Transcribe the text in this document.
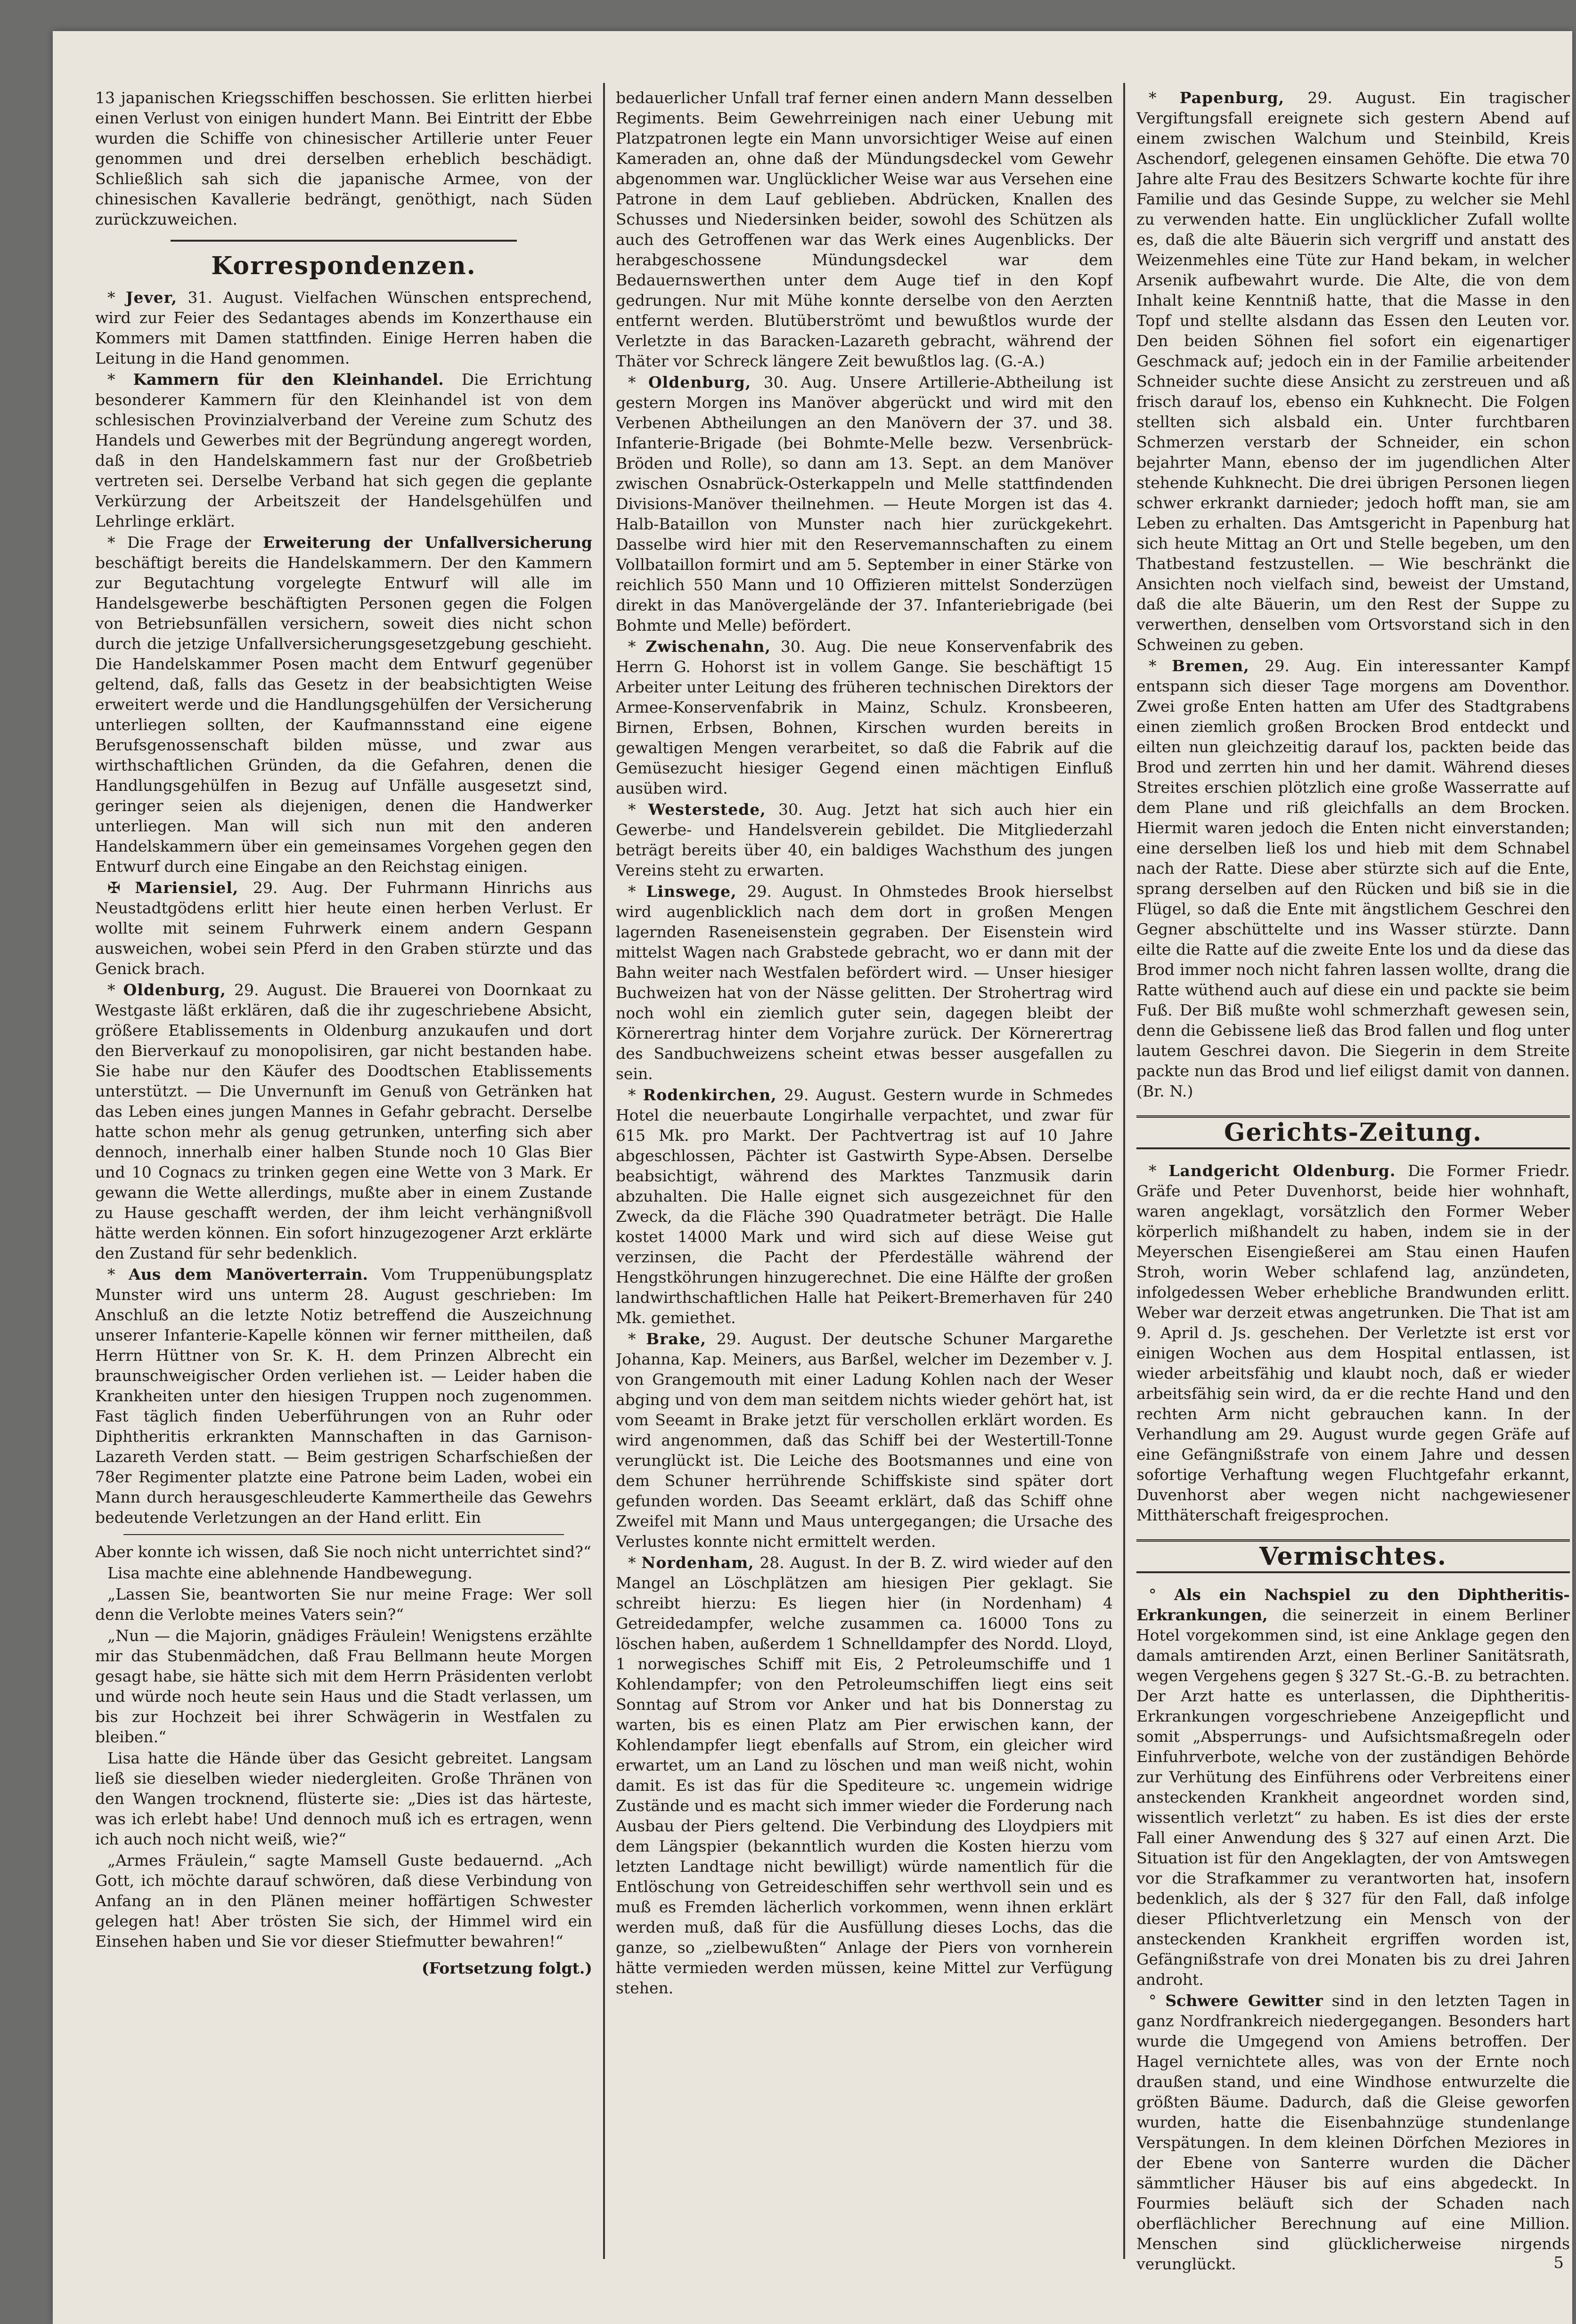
13 japanischen Kriegsschiffen beschossen. Sie erlitten hierbei einen Verlust von einigen hundert Mann. Bei Eintritt der Ebbe wurden die Schiffe von chinesischer Artillerie unter Feuer genommen und drei derselben erheblich beschädigt. Schließlich sah sich die japanische Armee, von der chinesischen Kavallerie bedrängt, genöthigt, nach Süden zurückzuweichen.

Korrespondenzen.

* Jever, 31. August. Vielfachen Wünschen entsprechend, wird zur Feier des Sedantages abends im Konzerthause ein Kommers mit Damen stattfinden. Einige Herren haben die Leitung in die Hand genommen.

* Kammern für den Kleinhandel. Die Errichtung besonderer Kammern für den Kleinhandel ist von dem schlesischen Provinzialverband der Vereine zum Schutz des Handels und Gewerbes mit der Begründung angeregt worden, daß in den Handelskammern fast nur der Großbetrieb vertreten sei. Derselbe Verband hat sich gegen die geplante Verkürzung der Arbeitszeit der Handelsgehülfen und Lehrlinge erklärt.

* Die Frage der Erweiterung der Unfallversicherung beschäftigt bereits die Handelskammern. Der den Kammern zur Begutachtung vorgelegte Entwurf will alle im Handelsgewerbe beschäftigten Personen gegen die Folgen von Betriebsunfällen versichern, soweit dies nicht schon durch die jetzige Unfallversicherungsgesetzgebung geschieht. Die Handelskammer Posen macht dem Entwurf gegenüber geltend, daß, falls das Gesetz in der beabsichtigten Weise erweitert werde und die Handlungsgehülfen der Versicherung unterliegen sollten, der Kaufmannsstand eine eigene Berufsgenossenschaft bilden müsse, und zwar aus wirthschaftlichen Gründen, da die Gefahren, denen die Handlungsgehülfen in Bezug auf Unfälle ausgesetzt sind, geringer seien als diejenigen, denen die Handwerker unterliegen. Man will sich nun mit den anderen Handelskammern über ein gemeinsames Vorgehen gegen den Entwurf durch eine Eingabe an den Reichstag einigen.

✠ Mariensiel, 29. Aug. Der Fuhrmann Hinrichs aus Neustadtgödens erlitt hier heute einen herben Verlust. Er wollte mit seinem Fuhrwerk einem andern Gespann ausweichen, wobei sein Pferd in den Graben stürzte und das Genick brach.

* Oldenburg, 29. August. Die Brauerei von Doornkaat zu Westgaste läßt erklären, daß die ihr zugeschriebene Absicht, größere Etablissements in Oldenburg anzukaufen und dort den Bierverkauf zu monopolisiren, gar nicht bestanden habe. Sie habe nur den Käufer des Doodtschen Etablissements unterstützt. — Die Unvernunft im Genuß von Getränken hat das Leben eines jungen Mannes in Gefahr gebracht. Derselbe hatte schon mehr als genug getrunken, unterfing sich aber dennoch, innerhalb einer halben Stunde noch 10 Glas Bier und 10 Cognacs zu trinken gegen eine Wette von 3 Mark. Er gewann die Wette allerdings, mußte aber in einem Zustande zu Hause geschafft werden, der ihm leicht verhängnißvoll hätte werden können. Ein sofort hinzugezogener Arzt erklärte den Zustand für sehr bedenklich.

* Aus dem Manöverterrain. Vom Truppenübungsplatz Munster wird uns unterm 28. August geschrieben: Im Anschluß an die letzte Notiz betreffend die Auszeichnung unserer Infanterie-Kapelle können wir ferner mittheilen, daß Herrn Hüttner von Sr. K. H. dem Prinzen Albrecht ein braunschweigischer Orden verliehen ist. — Leider haben die Krankheiten unter den hiesigen Truppen noch zugenommen. Fast täglich finden Ueberführungen von an Ruhr oder Diphtheritis erkrankten Mannschaften in das Garnison-Lazareth Verden statt. — Beim gestrigen Scharfschießen der 78er Regimenter platzte eine Patrone beim Laden, wobei ein Mann durch herausgeschleuderte Kammertheile das Gewehrs bedeutende Verletzungen an der Hand erlitt. Ein

Aber konnte ich wissen, daß Sie noch nicht unterrichtet sind?“

Lisa machte eine ablehnende Handbewegung.

„Lassen Sie, beantworten Sie nur meine Frage: Wer soll denn die Verlobte meines Vaters sein?“

„Nun — die Majorin, gnädiges Fräulein! Wenigstens erzählte mir das Stubenmädchen, daß Frau Bellmann heute Morgen gesagt habe, sie hätte sich mit dem Herrn Präsidenten verlobt und würde noch heute sein Haus und die Stadt verlassen, um bis zur Hochzeit bei ihrer Schwägerin in Westfalen zu bleiben.“

Lisa hatte die Hände über das Gesicht gebreitet. Langsam ließ sie dieselben wieder niedergleiten. Große Thränen von den Wangen trocknend, flüsterte sie: „Dies ist das härteste, was ich erlebt habe! Und dennoch muß ich es ertragen, wenn ich auch noch nicht weiß, wie?“

„Armes Fräulein,“ sagte Mamsell Guste bedauernd. „Ach Gott, ich möchte darauf schwören, daß diese Verbindung von Anfang an in den Plänen meiner hoffärtigen Schwester gelegen hat! Aber trösten Sie sich, der Himmel wird ein Einsehen haben und Sie vor dieser Stiefmutter bewahren!“

(Fortsetzung folgt.)

bedauerlicher Unfall traf ferner einen andern Mann desselben Regiments. Beim Gewehrreinigen nach einer Uebung mit Platzpatronen legte ein Mann unvorsichtiger Weise auf einen Kameraden an, ohne daß der Mündungsdeckel vom Gewehr abgenommen war. Unglücklicher Weise war aus Versehen eine Patrone in dem Lauf geblieben. Abdrücken, Knallen des Schusses und Niedersinken beider, sowohl des Schützen als auch des Getroffenen war das Werk eines Augenblicks. Der herabgeschossene Mündungsdeckel war dem Bedauernswerthen unter dem Auge tief in den Kopf gedrungen. Nur mit Mühe konnte derselbe von den Aerzten entfernt werden. Blutüberströmt und bewußtlos wurde der Verletzte in das Baracken-Lazareth gebracht, während der Thäter vor Schreck längere Zeit bewußtlos lag. (G.-A.)

* Oldenburg, 30. Aug. Unsere Artillerie-Abtheilung ist gestern Morgen ins Manöver abgerückt und wird mit den Verbenen Abtheilungen an den Manövern der 37. und 38. Infanterie-Brigade (bei Bohmte-Melle bezw. Versenbrück-Bröden und Rolle), so dann am 13. Sept. an dem Manöver zwischen Osnabrück-Osterkappeln und Melle stattfindenden Divisions-Manöver theilnehmen. — Heute Morgen ist das 4. Halb-Bataillon von Munster nach hier zurückgekehrt. Dasselbe wird hier mit den Reservemannschaften zu einem Vollbataillon formirt und am 5. September in einer Stärke von reichlich 550 Mann und 10 Offizieren mittelst Sonderzügen direkt in das Manövergelände der 37. Infanteriebrigade (bei Bohmte und Melle) befördert.

* Zwischenahn, 30. Aug. Die neue Konservenfabrik des Herrn G. Hohorst ist in vollem Gange. Sie beschäftigt 15 Arbeiter unter Leitung des früheren technischen Direktors der Armee-Konservenfabrik in Mainz, Schulz. Kronsbeeren, Birnen, Erbsen, Bohnen, Kirschen wurden bereits in gewaltigen Mengen verarbeitet, so daß die Fabrik auf die Gemüsezucht hiesiger Gegend einen mächtigen Einfluß ausüben wird.

* Westerstede, 30. Aug. Jetzt hat sich auch hier ein Gewerbe- und Handelsverein gebildet. Die Mitgliederzahl beträgt bereits über 40, ein baldiges Wachsthum des jungen Vereins steht zu erwarten.

* Linswege, 29. August. In Ohmstedes Brook hierselbst wird augenblicklich nach dem dort in großen Mengen lagernden Raseneisenstein gegraben. Der Eisenstein wird mittelst Wagen nach Grabstede gebracht, wo er dann mit der Bahn weiter nach Westfalen befördert wird. — Unser hiesiger Buchweizen hat von der Nässe gelitten. Der Strohertrag wird noch wohl ein ziemlich guter sein, dagegen bleibt der Körnerertrag hinter dem Vorjahre zurück. Der Körnerertrag des Sandbuchweizens scheint etwas besser ausgefallen zu sein.

* Rodenkirchen, 29. August. Gestern wurde in Schmedes Hotel die neuerbaute Longirhalle verpachtet, und zwar für 615 Mk. pro Markt. Der Pachtvertrag ist auf 10 Jahre abgeschlossen, Pächter ist Gastwirth Sype-Absen. Derselbe beabsichtigt, während des Marktes Tanzmusik darin abzuhalten. Die Halle eignet sich ausgezeichnet für den Zweck, da die Fläche 390 Quadratmeter beträgt. Die Halle kostet 14000 Mark und wird sich auf diese Weise gut verzinsen, die Pacht der Pferdeställe während der Hengstköhrungen hinzugerechnet. Die eine Hälfte der großen landwirthschaftlichen Halle hat Peikert-Bremerhaven für 240 Mk. gemiethet.

* Brake, 29. August. Der deutsche Schuner Margarethe Johanna, Kap. Meiners, aus Barßel, welcher im Dezember v. J. von Grangemouth mit einer Ladung Kohlen nach der Weser abging und von dem man seitdem nichts wieder gehört hat, ist vom Seeamt in Brake jetzt für verschollen erklärt worden. Es wird angenommen, daß das Schiff bei der Westertill-Tonne verunglückt ist. Die Leiche des Bootsmannes und eine von dem Schuner herrührende Schiffskiste sind später dort gefunden worden. Das Seeamt erklärt, daß das Schiff ohne Zweifel mit Mann und Maus untergegangen; die Ursache des Verlustes konnte nicht ermittelt werden.

* Nordenham, 28. August. In der B. Z. wird wieder auf den Mangel an Löschplätzen am hiesigen Pier geklagt. Sie schreibt hierzu: Es liegen hier (in Nordenham) 4 Getreidedampfer, welche zusammen ca. 16000 Tons zu löschen haben, außerdem 1 Schnelldampfer des Nordd. Lloyd, 1 norwegisches Schiff mit Eis, 2 Petroleumschiffe und 1 Kohlendampfer; von den Petroleumschiffen liegt eins seit Sonntag auf Strom vor Anker und hat bis Donnerstag zu warten, bis es einen Platz am Pier erwischen kann, der Kohlendampfer liegt ebenfalls auf Strom, ein gleicher wird erwartet, um an Land zu löschen und man weiß nicht, wohin damit. Es ist das für die Spediteure ꝛc. ungemein widrige Zustände und es macht sich immer wieder die Forderung nach Ausbau der Piers geltend. Die Verbindung des Lloydpiers mit dem Längspier (bekanntlich wurden die Kosten hierzu vom letzten Landtage nicht bewilligt) würde namentlich für die Entlöschung von Getreideschiffen sehr werthvoll sein und es muß es Fremden lächerlich vorkommen, wenn ihnen erklärt werden muß, daß für die Ausfüllung dieses Lochs, das die ganze, so „zielbewußten“ Anlage der Piers von vornherein hätte vermieden werden müssen, keine Mittel zur Verfügung stehen.

* Papenburg, 29. August. Ein tragischer Vergiftungsfall ereignete sich gestern Abend auf einem zwischen Walchum und Steinbild, Kreis Aschendorf, gelegenen einsamen Gehöfte. Die etwa 70 Jahre alte Frau des Besitzers Schwarte kochte für ihre Familie und das Gesinde Suppe, zu welcher sie Mehl zu verwenden hatte. Ein unglücklicher Zufall wollte es, daß die alte Bäuerin sich vergriff und anstatt des Weizenmehles eine Tüte zur Hand bekam, in welcher Arsenik aufbewahrt wurde. Die Alte, die von dem Inhalt keine Kenntniß hatte, that die Masse in den Topf und stellte alsdann das Essen den Leuten vor. Den beiden Söhnen fiel sofort ein eigenartiger Geschmack auf; jedoch ein in der Familie arbeitender Schneider suchte diese Ansicht zu zerstreuen und aß frisch darauf los, ebenso ein Kuhknecht. Die Folgen stellten sich alsbald ein. Unter furchtbaren Schmerzen verstarb der Schneider, ein schon bejahrter Mann, ebenso der im jugendlichen Alter stehende Kuhknecht. Die drei übrigen Personen liegen schwer erkrankt darnieder; jedoch hofft man, sie am Leben zu erhalten. Das Amtsgericht in Papenburg hat sich heute Mittag an Ort und Stelle begeben, um den Thatbestand festzustellen. — Wie beschränkt die Ansichten noch vielfach sind, beweist der Umstand, daß die alte Bäuerin, um den Rest der Suppe zu verwerthen, denselben vom Ortsvorstand sich in den Schweinen zu geben.

* Bremen, 29. Aug. Ein interessanter Kampf entspann sich dieser Tage morgens am Doventhor. Zwei große Enten hatten am Ufer des Stadtgrabens einen ziemlich großen Brocken Brod entdeckt und eilten nun gleichzeitig darauf los, packten beide das Brod und zerrten hin und her damit. Während dieses Streites erschien plötzlich eine große Wasserratte auf dem Plane und riß gleichfalls an dem Brocken. Hiermit waren jedoch die Enten nicht einverstanden; eine derselben ließ los und hieb mit dem Schnabel nach der Ratte. Diese aber stürzte sich auf die Ente, sprang derselben auf den Rücken und biß sie in die Flügel, so daß die Ente mit ängstlichem Geschrei den Gegner abschüttelte und ins Wasser stürzte. Dann eilte die Ratte auf die zweite Ente los und da diese das Brod immer noch nicht fahren lassen wollte, drang die Ratte wüthend auch auf diese ein und packte sie beim Fuß. Der Biß mußte wohl schmerzhaft gewesen sein, denn die Gebissene ließ das Brod fallen und flog unter lautem Geschrei davon. Die Siegerin in dem Streite packte nun das Brod und lief eiligst damit von dannen. (Br. N.)

Gerichts-Zeitung.

* Landgericht Oldenburg. Die Former Friedr. Gräfe und Peter Duvenhorst, beide hier wohnhaft, waren angeklagt, vorsätzlich den Former Weber körperlich mißhandelt zu haben, indem sie in der Meyerschen Eisengießerei am Stau einen Haufen Stroh, worin Weber schlafend lag, anzündeten, infolgedessen Weber erhebliche Brandwunden erlitt. Weber war derzeit etwas angetrunken. Die That ist am 9. April d. Js. geschehen. Der Verletzte ist erst vor einigen Wochen aus dem Hospital entlassen, ist wieder arbeitsfähig und klaubt noch, daß er wieder arbeitsfähig sein wird, da er die rechte Hand und den rechten Arm nicht gebrauchen kann. In der Verhandlung am 29. August wurde gegen Gräfe auf eine Gefängnißstrafe von einem Jahre und dessen sofortige Verhaftung wegen Fluchtgefahr erkannt, Duvenhorst aber wegen nicht nachgewiesener Mitthäterschaft freigesprochen.

Vermischtes.

° Als ein Nachspiel zu den Diphtheritis-Erkrankungen, die seinerzeit in einem Berliner Hotel vorgekommen sind, ist eine Anklage gegen den damals amtirenden Arzt, einen Berliner Sanitätsrath, wegen Vergehens gegen § 327 St.-G.-B. zu betrachten. Der Arzt hatte es unterlassen, die Diphtheritis-Erkrankungen vorgeschriebene Anzeigepflicht und somit „Absperrungs- und Aufsichtsmaßregeln oder Einfuhrverbote, welche von der zuständigen Behörde zur Verhütung des Einführens oder Verbreitens einer ansteckenden Krankheit angeordnet worden sind, wissentlich verletzt“ zu haben. Es ist dies der erste Fall einer Anwendung des § 327 auf einen Arzt. Die Situation ist für den Angeklagten, der von Amtswegen vor die Strafkammer zu verantworten hat, insofern bedenklich, als der § 327 für den Fall, daß infolge dieser Pflichtverletzung ein Mensch von der ansteckenden Krankheit ergriffen worden ist, Gefängnißstrafe von drei Monaten bis zu drei Jahren androht.

° Schwere Gewitter sind in den letzten Tagen in ganz Nordfrankreich niedergegangen. Besonders hart wurde die Umgegend von Amiens betroffen. Der Hagel vernichtete alles, was von der Ernte noch draußen stand, und eine Windhose entwurzelte die größten Bäume. Dadurch, daß die Gleise geworfen wurden, hatte die Eisenbahnzüge stundenlange Verspätungen. In dem kleinen Dörfchen Meziores in der Ebene von Santerre wurden die Dächer sämmtlicher Häuser bis auf eins abgedeckt. In Fourmies beläuft sich der Schaden nach oberflächlicher Berechnung auf eine Million. Menschen sind glücklicherweise nirgends verunglückt.	5
